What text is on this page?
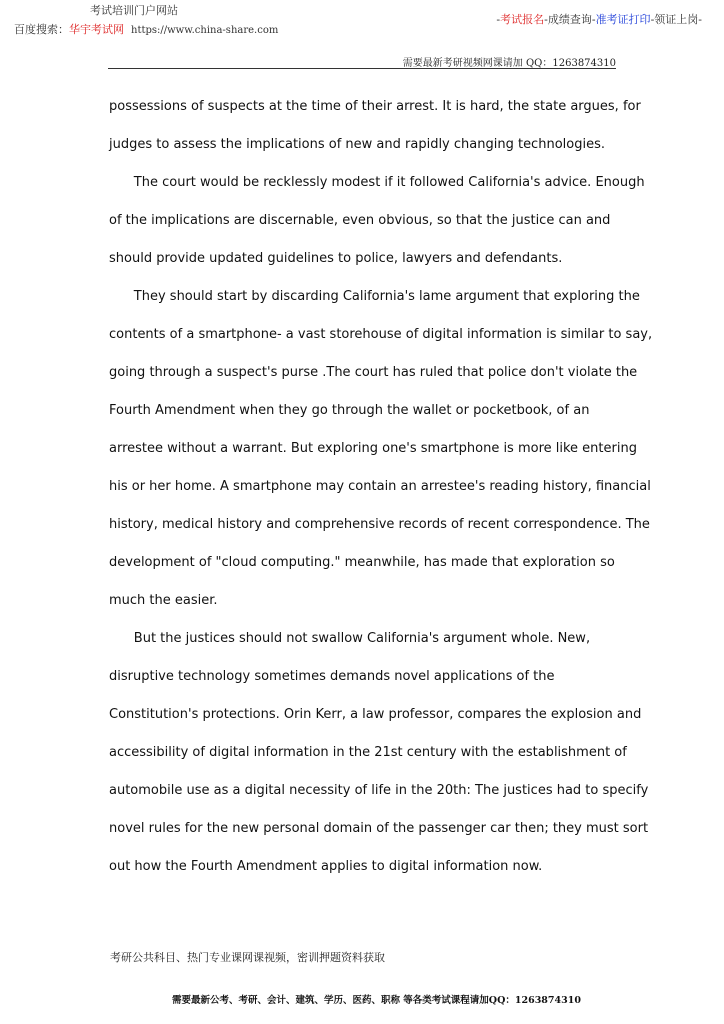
考试培训门户网站
百度搜索：华宇考试网 https://www.china-share.com
-考试报名-成绩查询-准考证打印-领证上岗-
需要最新考研视频网课请加 QQ：1263874310
possessions of suspects at the time of their arrest. It is hard, the state argues, for
judges to assess the implications of new and rapidly changing technologies.
The court would be recklessly modest if it followed California's advice. Enough
of the implications are discernable, even obvious, so that the justice can and
should provide updated guidelines to police, lawyers and defendants.
They should start by discarding California's lame argument that exploring the
contents of a smartphone- a vast storehouse of digital information is similar to say,
going through a suspect's purse .The court has ruled that police don't violate the
Fourth Amendment when they go through the wallet or pocketbook, of an
arrestee without a warrant. But exploring one's smartphone is more like entering
his or her home. A smartphone may contain an arrestee's reading history, financial
history, medical history and comprehensive records of recent correspondence. The
development of "cloud computing." meanwhile, has made that exploration so
much the easier.
But the justices should not swallow California's argument whole. New,
disruptive technology sometimes demands novel applications of the
Constitution's protections. Orin Kerr, a law professor, compares the explosion and
accessibility of digital information in the 21st century with the establishment of
automobile use as a digital necessity of life in the 20th: The justices had to specify
novel rules for the new personal domain of the passenger car then; they must sort
out how the Fourth Amendment applies to digital information now.
考研公共科目、热门专业课网课视频，密训押题资料获取
需要最新公考、考研、会计、建筑、学历、医药、职称 等各类考试课程请加QQ：1263874310
